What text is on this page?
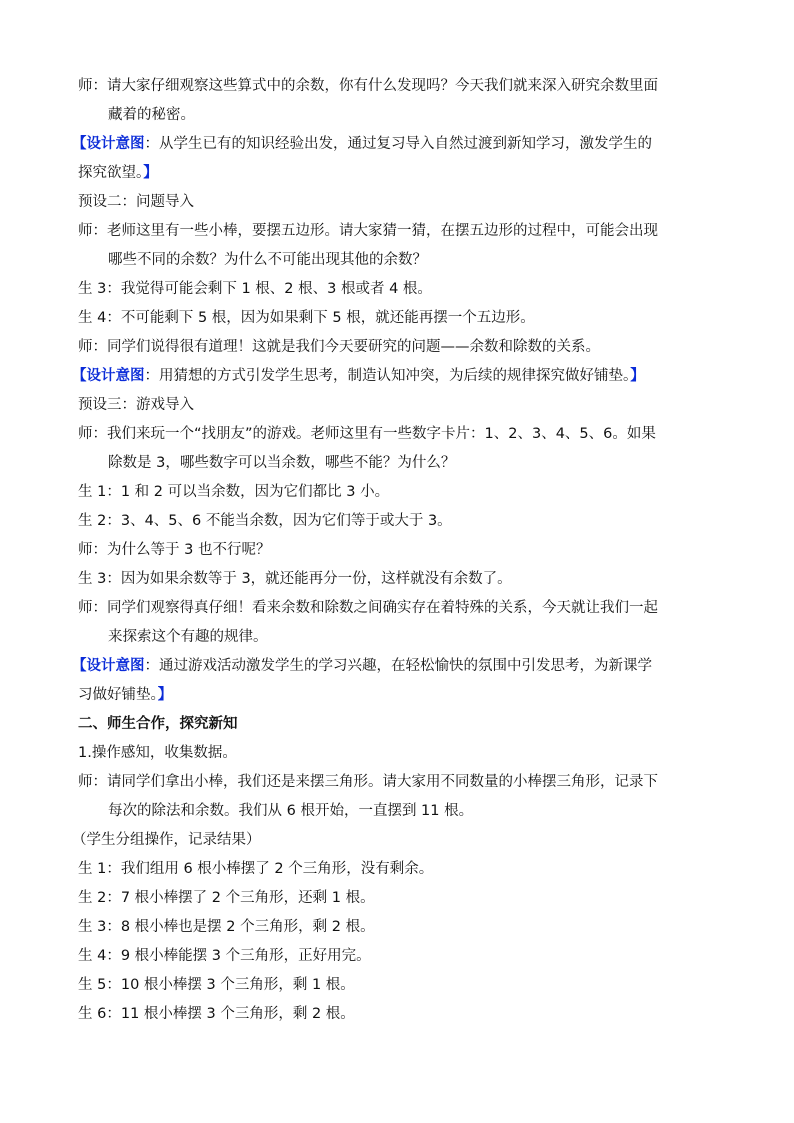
师：请大家仔细观察这些算式中的余数，你有什么发现吗？今天我们就来深入研究余数里面
藏着的秘密。
【设计意图：从学生已有的知识经验出发，通过复习导入自然过渡到新知学习，激发学生的
探究欲望。】
预设二：问题导入
师：老师这里有一些小棒，要摆五边形。请大家猜一猜，在摆五边形的过程中，可能会出现
哪些不同的余数？为什么不可能出现其他的余数？
生 3：我觉得可能会剩下 1 根、2 根、3 根或者 4 根。
生 4：不可能剩下 5 根，因为如果剩下 5 根，就还能再摆一个五边形。
师：同学们说得很有道理！这就是我们今天要研究的问题——余数和除数的关系。
【设计意图：用猜想的方式引发学生思考，制造认知冲突，为后续的规律探究做好铺垫。】
预设三：游戏导入
师：我们来玩一个“找朋友”的游戏。老师这里有一些数字卡片：1、2、3、4、5、6。如果
除数是 3，哪些数字可以当余数，哪些不能？为什么？
生 1：1 和 2 可以当余数，因为它们都比 3 小。
生 2：3、4、5、6 不能当余数，因为它们等于或大于 3。
师：为什么等于 3 也不行呢？
生 3：因为如果余数等于 3，就还能再分一份，这样就没有余数了。
师：同学们观察得真仔细！看来余数和除数之间确实存在着特殊的关系，今天就让我们一起
来探索这个有趣的规律。
【设计意图：通过游戏活动激发学生的学习兴趣，在轻松愉快的氛围中引发思考，为新课学
习做好铺垫。】
二、师生合作，探究新知
1.操作感知，收集数据。
师：请同学们拿出小棒，我们还是来摆三角形。请大家用不同数量的小棒摆三角形，记录下
每次的除法和余数。我们从 6 根开始，一直摆到 11 根。
（学生分组操作，记录结果）
生 1：我们组用 6 根小棒摆了 2 个三角形，没有剩余。
生 2：7 根小棒摆了 2 个三角形，还剩 1 根。
生 3：8 根小棒也是摆 2 个三角形，剩 2 根。
生 4：9 根小棒能摆 3 个三角形，正好用完。
生 5：10 根小棒摆 3 个三角形，剩 1 根。
生 6：11 根小棒摆 3 个三角形，剩 2 根。
